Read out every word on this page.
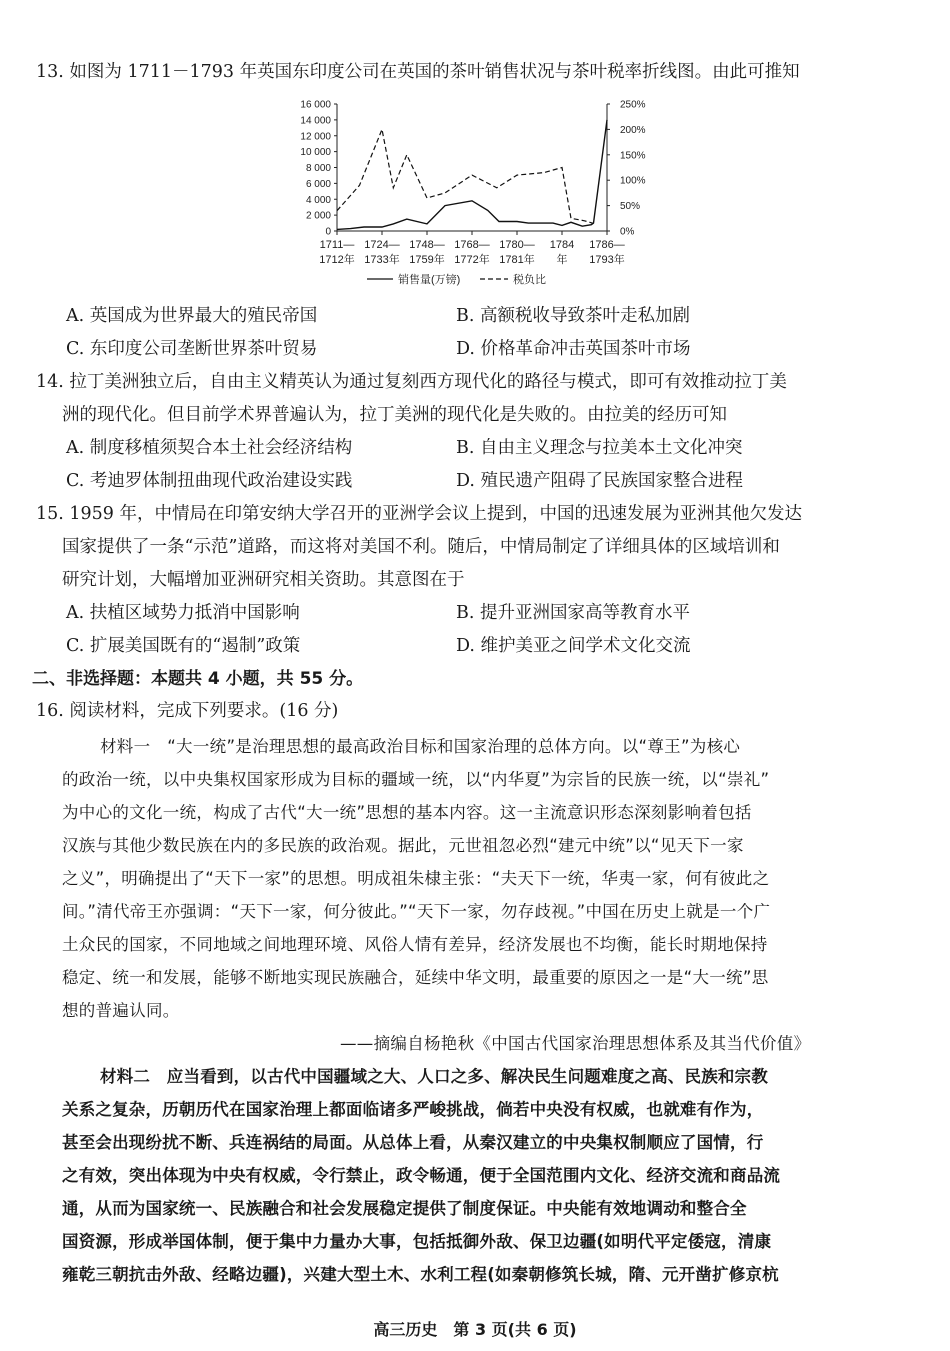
13. 如图为 1711－1793 年英国东印度公司在英国的茶叶销售状况与茶叶税率折线图。由此可推知
0
2 000
4 000
6 000
8 000
10 000
12 000
14 000
16 000
0%
50%
100%
150%
200%
250%
1711—
1712年
1724—
1733年
1748—
1759年
1768—
1772年
1780—
1781年
1784
年
1786—
1793年
销售量(万镑)	税负比
A. 英国成为世界最大的殖民帝国	B. 高额税收导致茶叶走私加剧
C. 东印度公司垄断世界茶叶贸易	D. 价格革命冲击英国茶叶市场
14. 拉丁美洲独立后，自由主义精英认为通过复刻西方现代化的路径与模式，即可有效推动拉丁美
洲的现代化。但目前学术界普遍认为，拉丁美洲的现代化是失败的。由拉美的经历可知
A. 制度移植须契合本土社会经济结构	B. 自由主义理念与拉美本土文化冲突
C. 考迪罗体制扭曲现代政治建设实践	D. 殖民遗产阻碍了民族国家整合进程
15. 1959 年，中情局在印第安纳大学召开的亚洲学会议上提到，中国的迅速发展为亚洲其他欠发达
国家提供了一条“示范”道路，而这将对美国不利。随后，中情局制定了详细具体的区域培训和
研究计划，大幅增加亚洲研究相关资助。其意图在于
A. 扶植区域势力抵消中国影响	B. 提升亚洲国家高等教育水平
C. 扩展美国既有的“遏制”政策	D. 维护美亚之间学术文化交流
二、非选择题：本题共 4 小题，共 55 分。
16. 阅读材料，完成下列要求。(16 分)
材料一　“大一统”是治理思想的最高政治目标和国家治理的总体方向。以“尊王”为核心
的政治一统，以中央集权国家形成为目标的疆域一统，以“内华夏”为宗旨的民族一统，以“崇礼”
为中心的文化一统，构成了古代“大一统”思想的基本内容。这一主流意识形态深刻影响着包括
汉族与其他少数民族在内的多民族的政治观。据此，元世祖忽必烈“建元中统”以“见天下一家
之义”，明确提出了“天下一家”的思想。明成祖朱棣主张：“夫天下一统，华夷一家，何有彼此之
间。”清代帝王亦强调：“天下一家，何分彼此。”“天下一家，勿存歧视。”中国在历史上就是一个广
土众民的国家，不同地域之间地理环境、风俗人情有差异，经济发展也不均衡，能长时期地保持
稳定、统一和发展，能够不断地实现民族融合，延续中华文明，最重要的原因之一是“大一统”思
想的普遍认同。
——摘编自杨艳秋《中国古代国家治理思想体系及其当代价值》
材料二　应当看到，以古代中国疆域之大、人口之多、解决民生问题难度之高、民族和宗教
关系之复杂，历朝历代在国家治理上都面临诸多严峻挑战，倘若中央没有权威，也就难有作为，
甚至会出现纷扰不断、兵连祸结的局面。从总体上看，从秦汉建立的中央集权制顺应了国情，行
之有效，突出体现为中央有权威，令行禁止，政令畅通，便于全国范围内文化、经济交流和商品流
通，从而为国家统一、民族融合和社会发展稳定提供了制度保证。中央能有效地调动和整合全
国资源，形成举国体制，便于集中力量办大事，包括抵御外敌、保卫边疆(如明代平定倭寇，清康
雍乾三朝抗击外敌、经略边疆)，兴建大型土木、水利工程(如秦朝修筑长城，隋、元开凿扩修京杭
高三历史　第 3 页(共 6 页)
